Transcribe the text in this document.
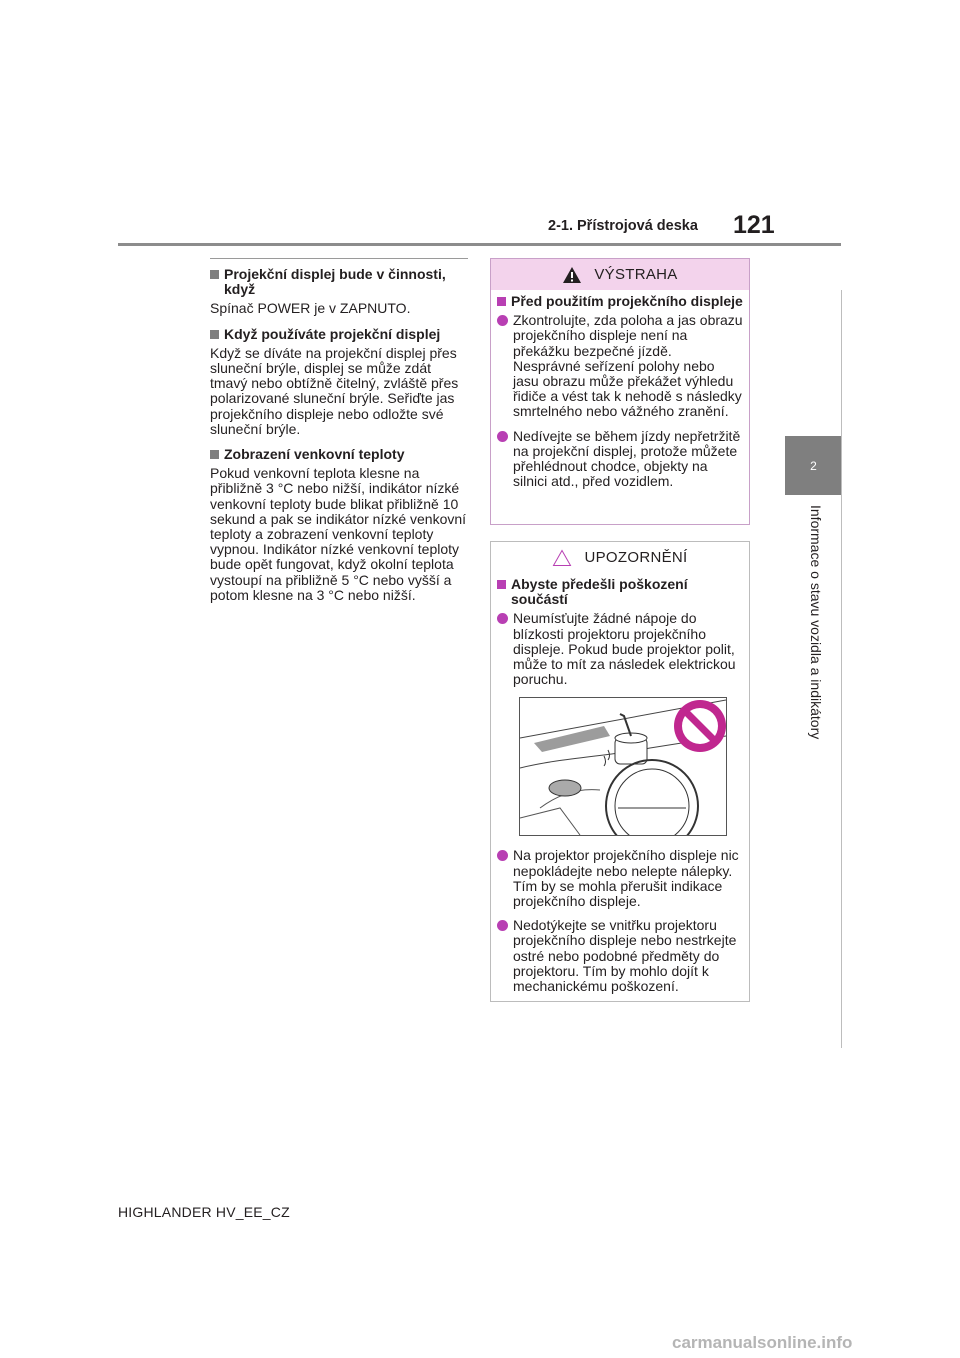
2-1. Přístrojová deska 121
2
Informace o stavu vozidla a indikátory
Projekční displej bude v činnosti, když

Spínač POWER je v ZAPNUTO.

Když používáte projekční displej

Když se díváte na projekční displej přes sluneční brýle, displej se může zdát tmavý nebo obtížně čitelný, zvláště přes polarizované sluneční brýle. Seřiďte jas projekčního displeje nebo odložte své sluneční brýle.

Zobrazení venkovní teploty

Pokud venkovní teplota klesne na přibližně 3 °C nebo nižší, indikátor nízké venkovní teploty bude blikat přibližně 10 sekund a pak se indikátor nízké venkovní teploty a zobrazení venkovní teploty vypnou. Indikátor nízké venkovní teploty bude opět fungovat, když okolní teplota vystoupí na přibližně 5 °C nebo vyšší a potom klesne na 3 °C nebo nižší.

VÝSTRAHA
Před použitím projekčního displeje
Zkontrolujte, zda poloha a jas obrazu projekčního displeje není na překážku bezpečné jízdě. Nesprávné seřízení polohy nebo jasu obrazu může překážet výhledu řidiče a vést tak k nehodě s následky smrtelného nebo vážného zranění.
Nedívejte se během jízdy nepřetržitě na projekční displej, protože můžete přehlédnout chodce, objekty na silnici atd., před vozidlem.
UPOZORNĚNÍ
Abyste předešli poškození součástí
Neumísťujte žádné nápoje do blízkosti projektoru projekčního displeje. Pokud bude projektor polit, může to mít za následek elektrickou poruchu.
Na projektor projekčního displeje nic nepokládejte nebo nelepte nálepky. Tím by se mohla přerušit indikace projekčního displeje.
Nedotýkejte se vnitřku projektoru projekčního displeje nebo nestrkejte ostré nebo podobné předměty do projektoru. Tím by mohlo dojít k mechanickému poškození.
HIGHLANDER HV_EE_CZ
carmanualsonline.info
